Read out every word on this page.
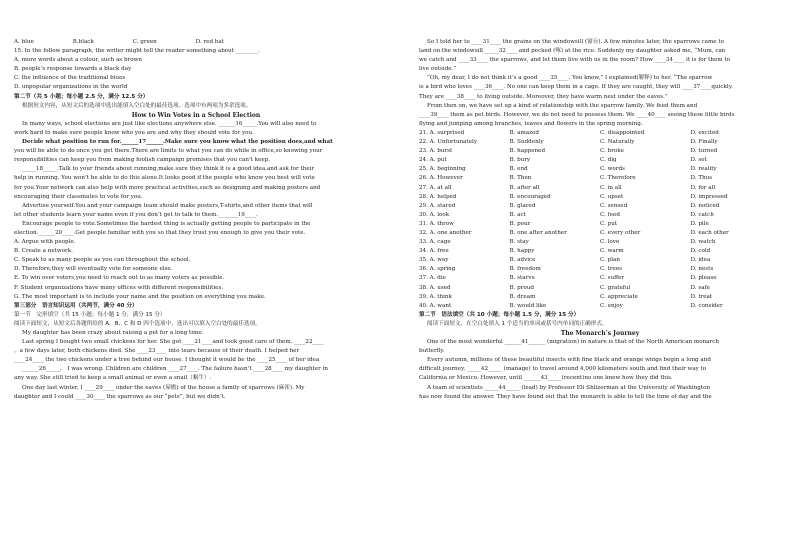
A. blue	B.black	C. green	D. red hat
15. In the follow paragraph, the writer might tell the reader something about ________.
A. more words about a colour, such as brown
B. people’s response towards a black day
C. the influence of the traditional blues
D. unpopular organizations in the world
第二节（共 5 小题；每小题 2.5 分，满分 12.5 分）
根据短文内容，从短文后的选项中选出能填入空白处的最佳选项。选项中有两项为多余选项。
How to Win Votes in a School Election
In many ways, school elections are just like elections anywhere else. ______16_____.You will also need to
work hard to make sure people know who you are and why they should vote for you.
Decide what position to run for.______17______.Make sure you know what the position does,and what
you will be able to do once you get there.There are limits to what you can do while in office,so knowing your
responsibilities can keep you from making foolish campaign promises that you can’t keep.
_____18_____.Talk to your friends about running,make sure they think it is a good idea,and ask for their
help in running. You won’t be able to do this alone.It looks good if the people who know you best will vote
for you.Your network can also help with more practical activities,such as designing and making posters and
encouraging their classmates to vote for you.
Advertise yourself.You and your campaign team should make posters,T-shirts,and other items that will
let other students learn your name even if you don’t get to talk to them._______19____.
Encourage people to vote.Sometimes the hardest thing is actually getting people to participate in the
election.______20____.Get people familiar with you so that they trust you enough to give you their vote.
A. Argue with people.
B. Create a network.
C. Speak to as many people as you can throughout the school.
D. Therefore,they will eventually vote for someone else.
E. To win over voters,you need to reach out to as many voters as possible.
F. Student organizations have many offices with different responsibilities.
G. The most important is to include your name and the position on everything you make.
第三部分　语言知识运用（共两节，满分 40 分）
第一节　完形填空（共 15 小题；每小题 1 分，满分 15 分）
阅读下面短文，从短文后各题所给的 A、B、C 和 D 四个选项中，选出可以填入空白处的最佳选项。
My daughter has been crazy about raising a pet for a long time.
Last spring I bought two small chickens for her. She got ____21____and took good care of them. ____22____
，a few days later, both chickens died. She ____23____ into tears because of their death. I helped her
____24____ the two chickens under a tree behind our house. I thought it would be the ____25____ of her idea
______26_____， I was wrong. Children are children ____27____. The failure hasn’t ____28____ my daughter in
any way. She still tried to keep a small animal or even a snail（蜗牛）.
One day last winter, I ____29____ under the eaves (屋檐) of the house a family of sparrows (麻雀). My
daughter and I could ____30____ the sparrows as our “pets”, but we didn’t.
So I told her to ____31____ the grains on the windowsill (窗台). A few minutes later, the sparrows came to
land on the windowsill _____32____ and pecked (啄) at the rice. Suddenly my daughter asked me, “Mum, can
we catch and ____33____ the sparrows, and let them live with us in the room? How ____34____ it is for them to
live outside.”
“Oh, my dear, I do not think it’s a good ____35____. You know,” I explained(解释) to her. “The sparrow
is a bird who loves ____36____. No one can keep them in a cage. If they are caught, they will ____37____quickly.
They are ____38____ to living outside. Moreover, they have warm nest under the eaves.”
From then on, we have set up a kind of relationship with the sparrow family. We feed them and
____39____ them as pet birds. However, we do not need to possess them. We ____40____ seeing these little birds
flying and jumping among branches, leaves and flowers in the spring morning.
21. A. surprised	B. amazed	C. disappointed	D. excited
22. A. Unfortunately	B. Suddenly	C. Naturally	D. Finally
23. A. burst	B. happened	C. broke	D. turned
24. A. put	B. bury	C. dig	D. set
25. A. beginning	B. end	C. words	D. reality
26. A. However	B. Then	C. Therefore	D. Thus
27. A. at all	B. after all	C. in all	D. for all
28. A. helped	B. encouraged	C. upset	D. impressed
29. A. stared	B. glared	C. sensed	D. noticed
30. A. look	B. act	C. feed	D. catch
31. A. throw	B. pour	C. put	D. pile
32. A. one another	B. one after another	C. every other	D. each other
33. A. cage	B. stay	C. love	D. watch
34. A. free	B. happy	C. warm	D. cold
35. A. way	B. advice	C. plan	D. idea
36. A. spring	B. freedom	C. trees	D. nests
37. A. die	B. starve	C. suffer	D. please
38. A. used	B. proud	C. grateful	D. safe
39. A. think	B. dream	C. appreciate	D. treat
40. A. want	B. would like	C. enjoy	D. consider
第二节　语法填空（共 10 小题；每小题 1.5 分，满分 15 分）
阅读下面短文，在空白处填入 1 个适当的单词或括号内单词的正确形式。
The Monarch’s Journey
One of the most wonderful ______41______ (migration) in nature is that of the North American monarch
butterfly.
Every autumn, millions of these beautiful insects with fine black and orange wings begin a long and
difficult journey, _____42_____ (manage) to travel around 4,000 kilometers south and find their way to
California or Mexico. However, until ______43_____(recent)no one knew how they did this.
A team of scientists _____44_____ (lead) by Professor Eli Shlizerman at the University of Washington
has now found the answer. They have found out that the monarch is able to tell the time of day and the
